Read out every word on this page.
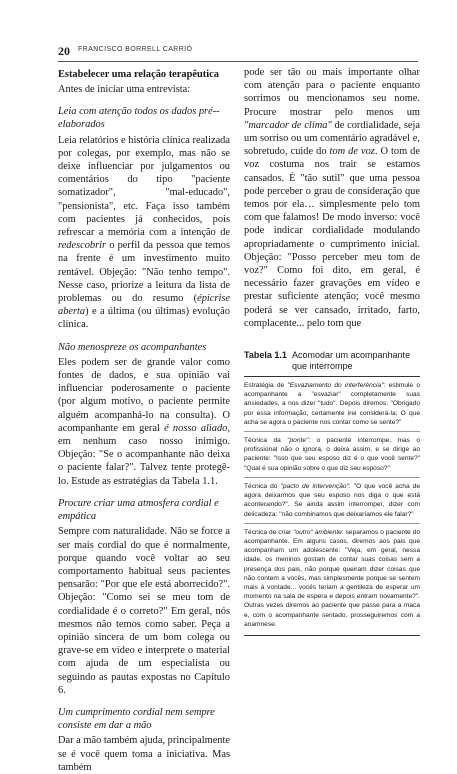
20 FRANCISCO BORRELL CARRIÓ
Estabelecer uma relação terapêutica

Antes de iniciar uma entrevista:

Leia com atenção todos os dados pré--elaborados

Leia relatórios e história clínica realizada por colegas, por exemplo, mas não se deixe influenciar por julgamentos ou comentários do tipo "paciente somatizador", "mal-educado", "pensionista", etc. Faça isso também com pacientes já conhecidos, pois refrescar a memória com a intenção de redescobrir o perfil da pessoa que temos na frente é um investimento muito rentável. Objeção: "Não tenho tempo". Nesse caso, priorize a leitura da lista de problemas ou do resumo (épicrise aberta) e a última (ou últimas) evolução clínica.

Não menospreze os acompanhantes

Eles podem ser de grande valor como fontes de dados, e sua opinião vai influenciar poderosamente o paciente (por algum motivo, o paciente permite alguém acompanhá-lo na consulta). O acompanhante em geral é nosso aliado, em nenhum caso nosso inimigo. Objeção: "Se o acompanhante não deixa o paciente falar?". Talvez tente protegê-lo. Estude as estratégias da Tabela 1.1.

Procure criar uma atmosfera cordial e empática

Sempre com naturalidade. Não se force a ser mais cordial do que é normalmente, porque quando você voltar ao seu comportamento habitual seus pacientes pensarão: "Por que ele está aborrecido?". Objeção: "Como sei se meu tom de cordialidade é o correto?" Em geral, nós mesmos não temos como saber. Peça a opinião sincera de um bom colega ou grave-se em vídeo e interprete o material com ajuda de um especialista ou seguindo as pautas expostas no Capítulo 6.

Um cumprimento cordial nem sempre consiste em dar a mão

Dar a mão também ajuda, principalmente se é você quem toma a iniciativa. Mas também

pode ser tão ou mais importante olhar com atenção para o paciente enquanto sorrimos ou mencionamos seu nome. Procure mostrar pelo menos um "marcador de clima" de cordialidade, seja um sorriso ou um comentário agradável e, sobretudo, cuide do tom de voz. O tom de voz costuma nos trair se estamos cansados. É "tão sutil" que uma pessoa pode perceber o grau de consideração que temos por ela… simplesmente pelo tom com que falamos! De modo inverso: você pode indicar cordialidade modulando apropriadamente o cumprimento inicial. Objeção: "Posso perceber meu tom de voz?" Como foi dito, em geral, é necessário fazer gravações em vídeo e prestar suficiente atenção; você mesmo poderá se ver cansado, irritado, farto, complacente... pelo tom que

Tabela 1.1 Acomodar um acompanhante que interrompe
Estratégia de "Esvaziamento do interferência": estimule o acompanhante a "esvaziar" completamente suas ansiedades, a nos dizer "tudo". Depois diremos: "Obrigado por essa informação, certamente irei considerá-la; O que acha se agora o paciente nos contar como se sente?"
Técnica da "ponte": o paciente interrompe, mas o profissional não o ignora, o deixa assim, e se dirige ao paciente: "Isso que seu esposo diz é o que você sente?" "Qual é sua opinião sobre o que diz seu esposo?"
Técnica do "pacto de intervenção": "O que você acha de agora deixarmos que seu esposo nos diga o que está acontecendo?". Se ainda assim interromper, dizer com delicadeza: "não combinamos que deixaríamos ele falar?"
Técnica de criar "outro" ambiente: separamos o paciente do acompanhante. Em alguns casos, diremos aos pais que acompanham um adolescente: "Veja, em geral, nessa idade, os meninos gostam de contar suas coisas sem a presença dos pais, não porque queiram dizer coisas que não contem a vocês, mas simplesmente porque se sentem mais à vontade... vocês teriam a gentileza de esperar um momento na sala de espera e depois entram novamente?". Outras vezes diremos ao paciente que passe para a maca e, com o acompanhante sentado, prosseguiremos com a anamnese.
